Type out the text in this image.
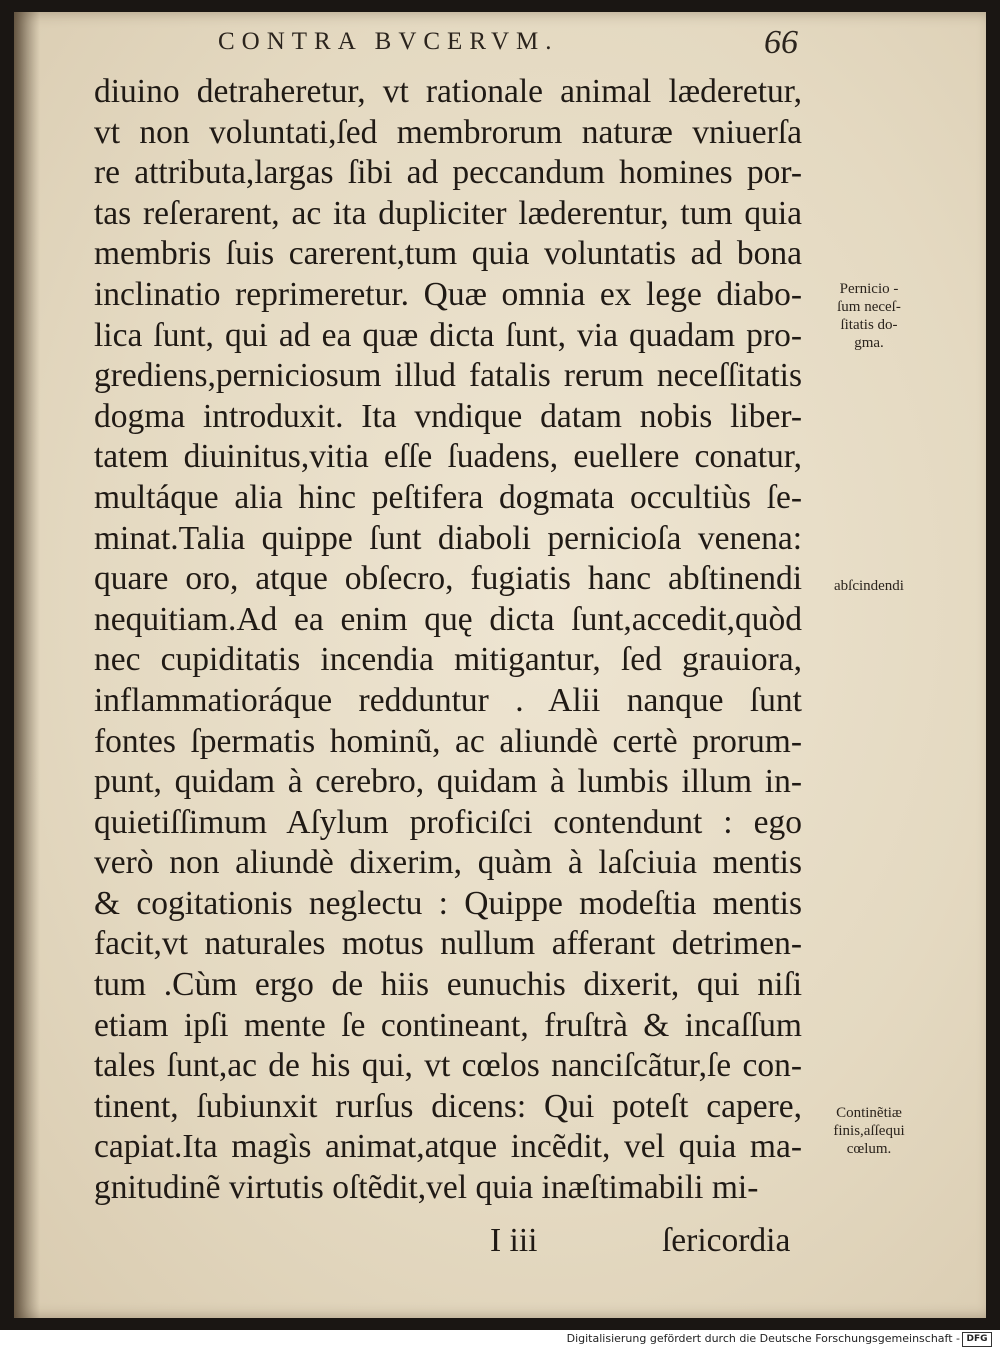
CONTRA BVCERVM.	66
diuino detraheretur, vt rationale animal læderetur,
vt non voluntati,ſed membrorum naturæ vniuerſa
re attributa,largas ſibi ad peccandum homines por-
tas reſerarent, ac ita dupliciter læderentur, tum quia
membris ſuis carerent,tum quia voluntatis ad bona
inclinatio reprimeretur. Quæ omnia ex lege diabo-
lica ſunt, qui ad ea quæ dicta ſunt, via quadam pro-
grediens,perniciosum illud fatalis rerum neceſſitatis
dogma introduxit. Ita vndique datam nobis liber-
tatem diuinitus,vitia eſſe ſuadens, euellere conatur,
multáque alia hinc peſtifera dogmata occultiùs ſe-
minat.Talia quippe ſunt diaboli pernicioſa venena:
quare oro, atque obſecro, fugiatis hanc abſtinendi
nequitiam.Ad ea enim quę dicta ſunt,accedit,quòd
nec cupiditatis incendia mitigantur, ſed grauiora,
inflammatioráque redduntur . Alii nanque ſunt
fontes ſpermatis hominũ, ac aliundè certè prorum-
punt, quidam à cerebro, quidam à lumbis illum in-
quietiſſimum Aſylum proficiſci contendunt : ego
verò non aliundè dixerim, quàm à laſciuia mentis
& cogitationis neglectu : Quippe modeſtia mentis
facit,vt naturales motus nullum afferant detrimen-
tum .Cùm ergo de hiis eunuchis dixerit, qui niſi
etiam ipſi mente ſe contineant, fruſtrà & incaſſum
tales ſunt,ac de his qui, vt cœlos nanciſcãtur,ſe con-
tinent, ſubiunxit rurſus dicens: Qui poteſt capere,
capiat.Ita magìs animat,atque incẽdit, vel quia ma-
gnitudinẽ virtutis oſtẽdit,vel quia inæſtimabili mi-
Pernicio -
ſum neceſ-
ſitatis do-
gma.
abſcindendi
Continẽtiæ
finis,aſſequi
cœlum.
I iii	ſericordia
Digitalisierung gefördert durch die Deutsche Forschungsgemeinschaft - DFG
